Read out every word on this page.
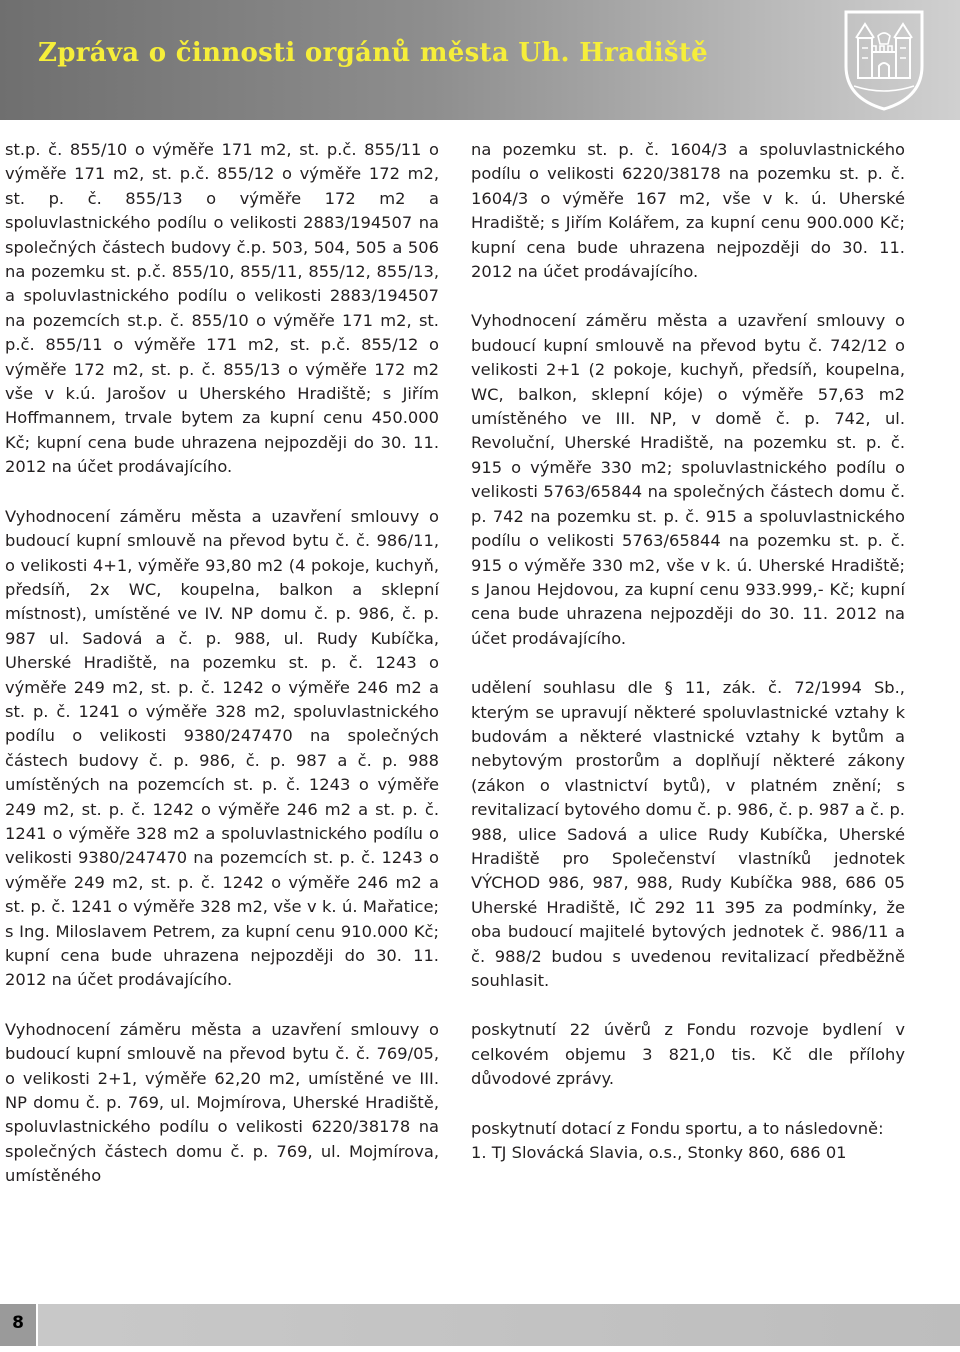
Zpráva o činnosti orgánů města Uh. Hradiště

st.p. č. 855/10 o výměře 171 m2, st. p.č. 855/11 o výměře 171 m2, st. p.č. 855/12 o výměře 172 m2, st. p. č. 855/13 o výměře 172 m2 a spoluvlastnického podílu o velikosti 2883/194507 na společných částech budovy č.p. 503, 504, 505 a 506 na pozemku st. p.č. 855/10, 855/11, 855/12, 855/13, a spoluvlastnického podílu o velikosti 2883/194507 na pozemcích st.p. č. 855/10 o výměře 171 m2, st. p.č. 855/11 o výměře 171 m2, st. p.č. 855/12 o výměře 172 m2, st. p. č. 855/13 o výměře 172 m2 vše v k.ú. Jarošov u Uherského Hradiště; s Jiřím Hoffmannem, trvale bytem za kupní cenu 450.000 Kč; kupní cena bude uhrazena nejpozději do 30. 11. 2012 na účet prodávajícího.

Vyhodnocení záměru města a uzavření smlouvy o budoucí kupní smlouvě na převod bytu č. č. 986/11, o velikosti 4+1, výměře 93,80 m2 (4 pokoje, kuchyň, předsíň, 2x WC, koupelna, balkon a sklepní místnost), umístěné ve IV. NP domu č. p. 986, č. p. 987 ul. Sadová a č. p. 988, ul. Rudy Kubíčka, Uherské Hradiště, na pozemku st. p. č. 1243 o výměře 249 m2, st. p. č. 1242 o výměře 246 m2 a st. p. č. 1241 o výměře 328 m2, spoluvlastnického podílu o velikosti 9380/247470 na společných částech budovy č. p. 986, č. p. 987 a č. p. 988 umístěných na pozemcích st. p. č. 1243 o výměře 249 m2, st. p. č. 1242 o výměře 246 m2 a st. p. č. 1241 o výměře 328 m2 a spoluvlastnického podílu o velikosti 9380/247470 na pozemcích st. p. č. 1243 o výměře 249 m2, st. p. č. 1242 o výměře 246 m2 a st. p. č. 1241 o výměře 328 m2, vše v k. ú. Mařatice; s Ing. Miloslavem Petrem, za kupní cenu 910.000 Kč; kupní cena bude uhrazena nejpozději do 30. 11. 2012 na účet prodávajícího.

Vyhodnocení záměru města a uzavření smlouvy o budoucí kupní smlouvě na převod bytu č. č. 769/05, o velikosti 2+1, výměře 62,20 m2, umístěné ve III. NP domu č. p. 769, ul. Mojmírova, Uherské Hradiště, spoluvlastnického podílu o velikosti 6220/38178 na společných částech domu č. p. 769, ul. Mojmírova, umístěného

na pozemku st. p. č. 1604/3 a spoluvlastnického podílu o velikosti 6220/38178 na pozemku st. p. č. 1604/3 o výměře 167 m2, vše v k. ú. Uherské Hradiště; s Jiřím Kolářem, za kupní cenu 900.000 Kč; kupní cena bude uhrazena nejpozději do 30. 11. 2012 na účet prodávajícího.

Vyhodnocení záměru města a uzavření smlouvy o budoucí kupní smlouvě na převod bytu č. 742/12 o velikosti 2+1 (2 pokoje, kuchyň, předsíň, koupelna, WC, balkon, sklepní kóje) o výměře 57,63 m2 umístěného ve III. NP, v domě č. p. 742, ul. Revoluční, Uherské Hradiště, na pozemku st. p. č. 915 o výměře 330 m2; spoluvlastnického podílu o velikosti 5763/65844 na společných částech domu č. p. 742 na pozemku st. p. č. 915 a spoluvlastnického podílu o velikosti 5763/65844 na pozemku st. p. č. 915 o výměře 330 m2, vše v k. ú. Uherské Hradiště; s Janou Hejdovou, za kupní cenu 933.999,- Kč; kupní cena bude uhrazena nejpozději do 30. 11. 2012 na účet prodávajícího.

udělení souhlasu dle § 11, zák. č. 72/1994 Sb., kterým se upravují některé spoluvlastnické vztahy k budovám a některé vlastnické vztahy k bytům a nebytovým prostorům a doplňují některé zákony (zákon o vlastnictví bytů), v platném znění; s revitalizací bytového domu č. p. 986, č. p. 987 a č. p. 988, ulice Sadová a ulice Rudy Kubíčka, Uherské Hradiště pro Společenství vlastníků jednotek VÝCHOD 986, 987, 988, Rudy Kubíčka 988, 686 05 Uherské Hradiště, IČ 292 11 395 za podmínky, že oba budoucí majitelé bytových jednotek č. 986/11 a č. 988/2 budou s uvedenou revitalizací předběžně souhlasit.

poskytnutí 22 úvěrů z Fondu rozvoje bydlení v celkovém objemu 3 821,0 tis. Kč dle přílohy důvodové zprávy.

poskytnutí dotací z Fondu sportu, a to následovně:
1. TJ Slovácká Slavia, o.s., Stonky 860, 686 01

8
